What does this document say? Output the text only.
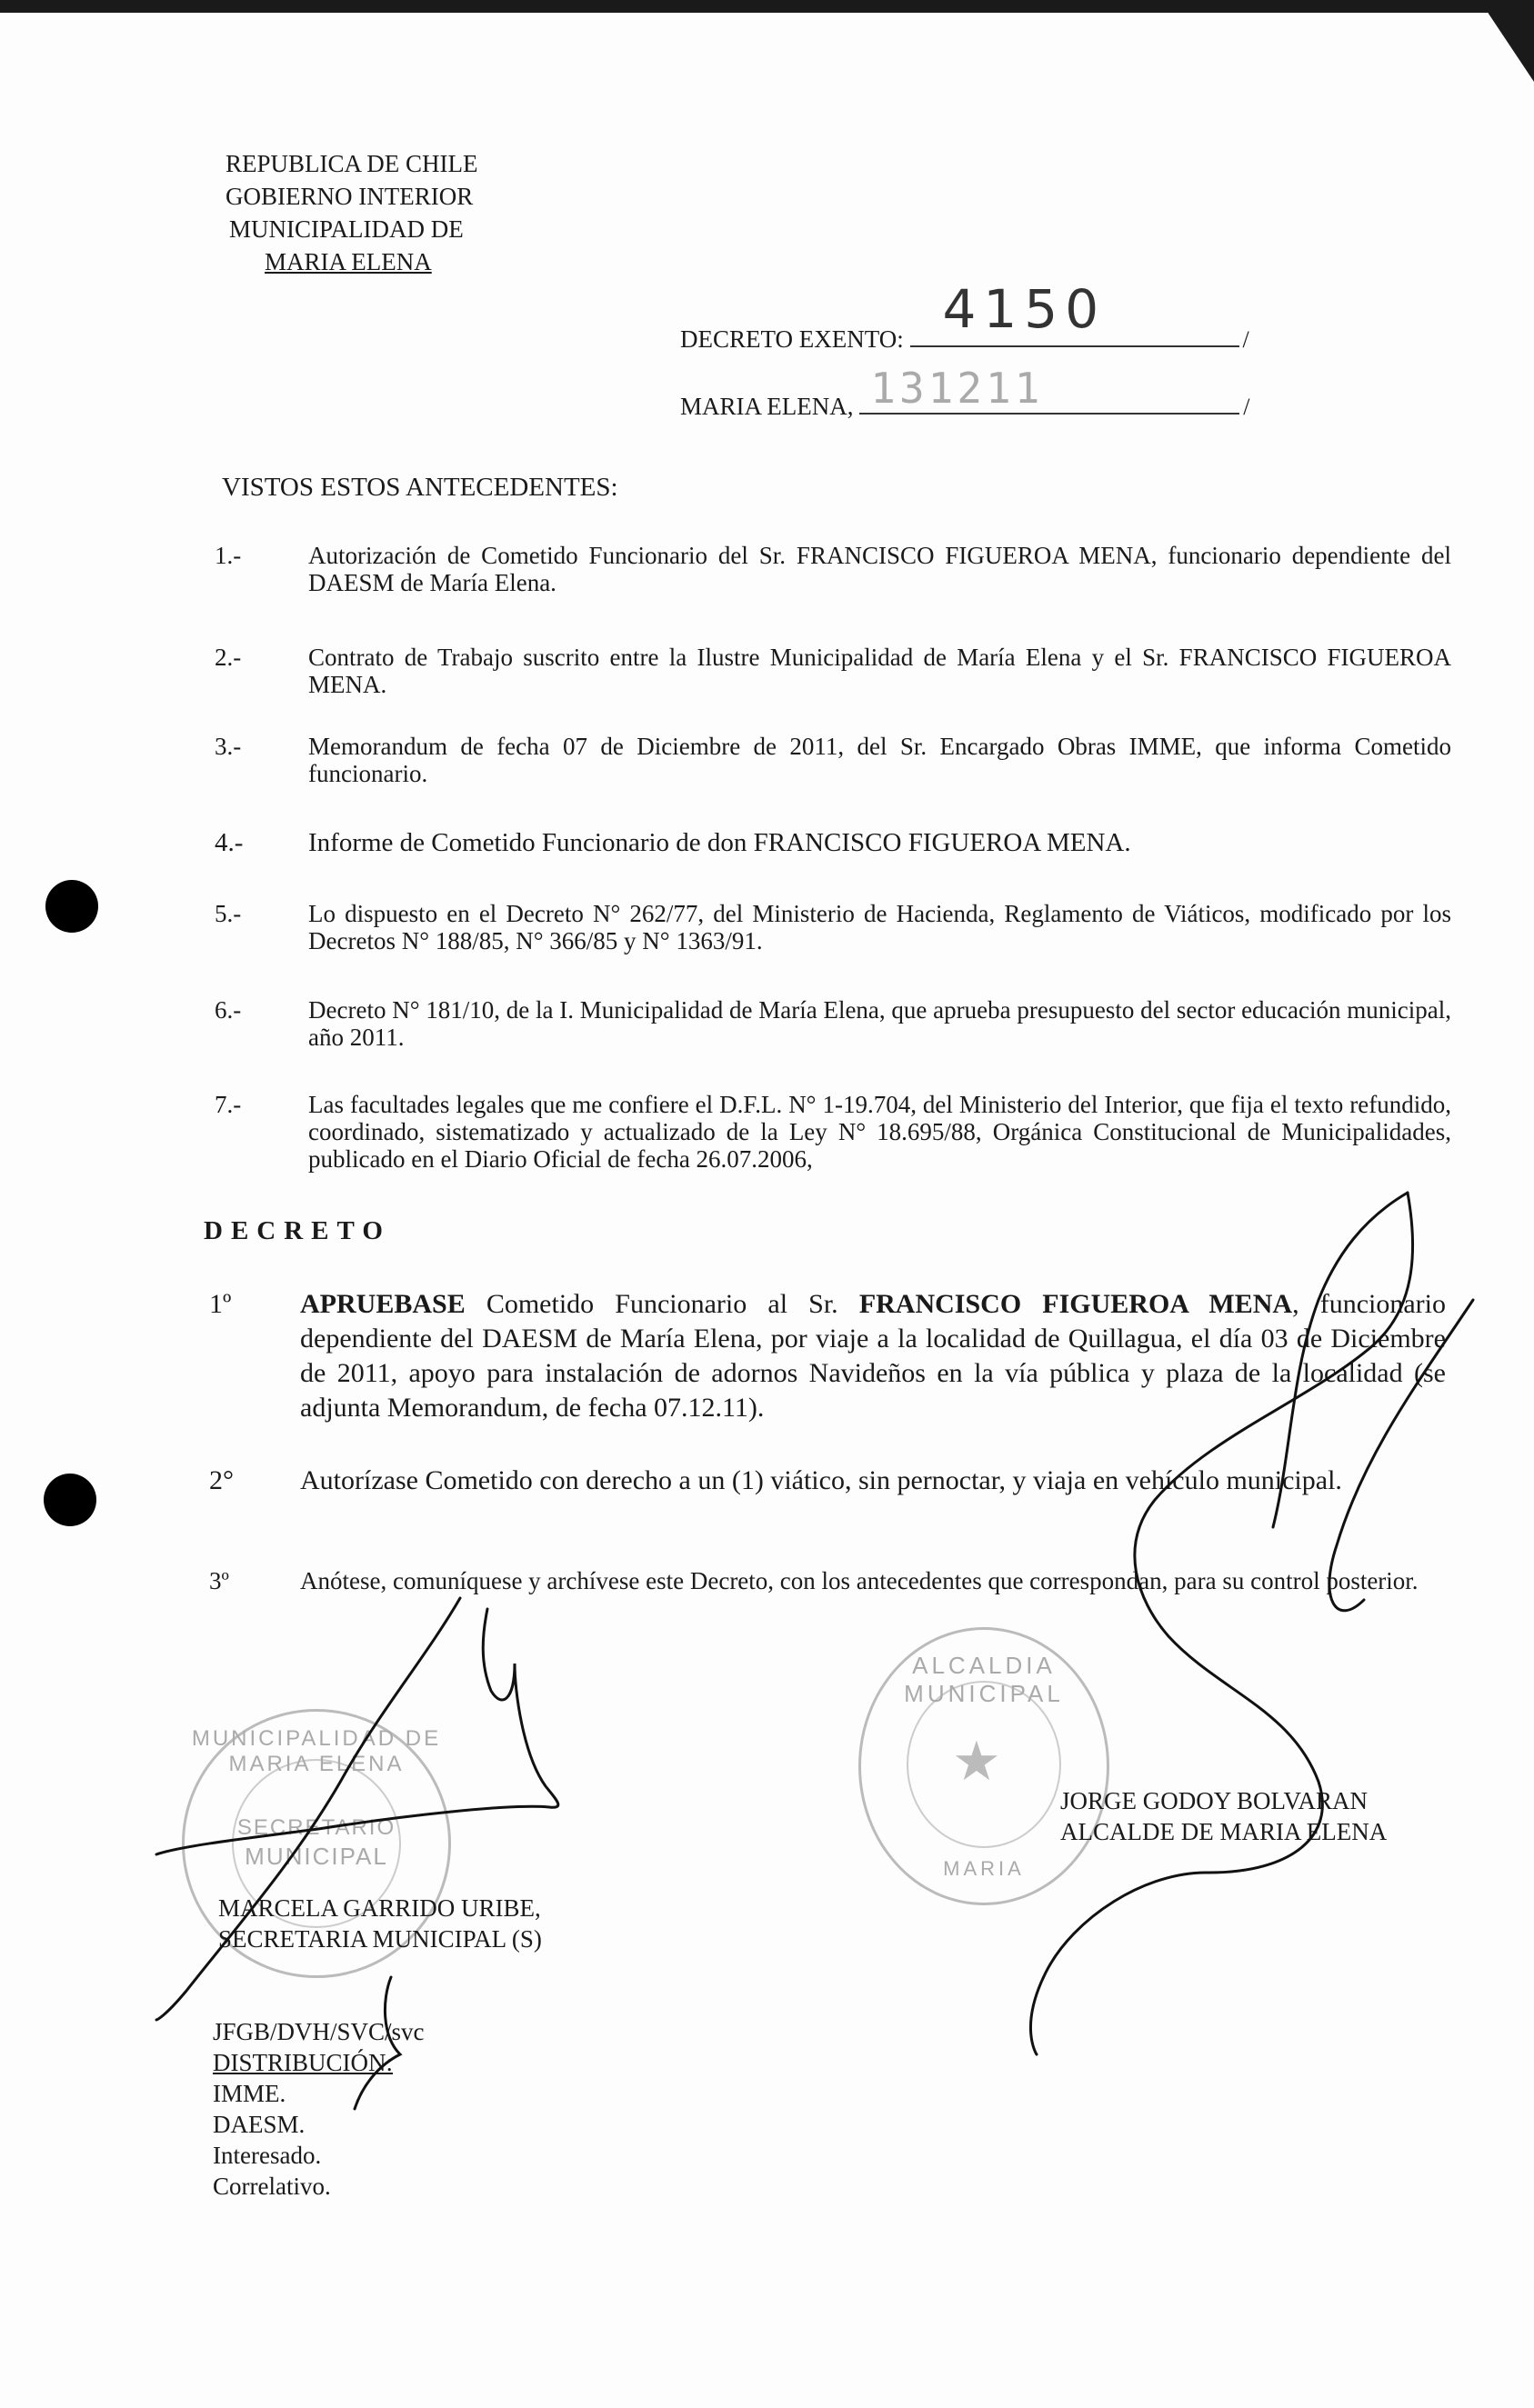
REPUBLICA DE CHILE
GOBIERNO INTERIOR
MUNICIPALIDAD DE
MARIA ELENA
DECRETO EXENTO: 4150	/
MARIA ELENA, 131211	/
VISTOS ESTOS ANTECEDENTES:
1.-	Autorización de Cometido Funcionario del Sr. FRANCISCO FIGUEROA MENA, funcionario dependiente del DAESM de María Elena.
2.-	Contrato de Trabajo suscrito entre la Ilustre Municipalidad de María Elena y el Sr. FRANCISCO FIGUEROA MENA.
3.-	Memorandum de fecha 07 de Diciembre de 2011, del Sr. Encargado Obras IMME, que informa Cometido funcionario.
4.- Informe de Cometido Funcionario de don FRANCISCO FIGUEROA MENA.
5.-	Lo dispuesto en el Decreto N° 262/77, del Ministerio de Hacienda, Reglamento de Viáticos, modificado por los Decretos N° 188/85, N° 366/85 y N° 1363/91.
6.-	Decreto N° 181/10, de la I. Municipalidad de María Elena, que aprueba presupuesto del sector educación municipal, año 2011.
7.-	Las facultades legales que me confiere el D.F.L. N° 1-19.704, del Ministerio del Interior, que fija el texto refundido, coordinado, sistematizado y actualizado de la Ley N° 18.695/88, Orgánica Constitucional de Municipalidades, publicado en el Diario Oficial de fecha 26.07.2006,
DECRETO
1º	APRUEBASE Cometido Funcionario al Sr. FRANCISCO FIGUEROA MENA, funcionario dependiente del DAESM de María Elena, por viaje a la localidad de Quillagua, el día 03 de Diciembre de 2011, apoyo para instalación de adornos Navideños en la vía pública y plaza de la localidad (se adjunta Memorandum, de fecha 07.12.11).
2° Autorízase Cometido con derecho a un (1) viático, sin pernoctar, y viaja en vehículo municipal.
3º	Anótese, comuníquese y archívese este Decreto, con los antecedentes que correspondan, para su control posterior.
MUNICIPALIDAD DE MARIA ELENA
SECRETARIO
MUNICIPAL
ALCALDIA MUNICIPAL
MARIA
★
JORGE GODOY BOLVARAN
ALCALDE DE MARIA ELENA
MARCELA GARRIDO URIBE,
SECRETARIA MUNICIPAL (S)
JFGB/DVH/SVC/svc
DISTRIBUCIÓN:
IMME.
DAESM.
Interesado.
Correlativo.
